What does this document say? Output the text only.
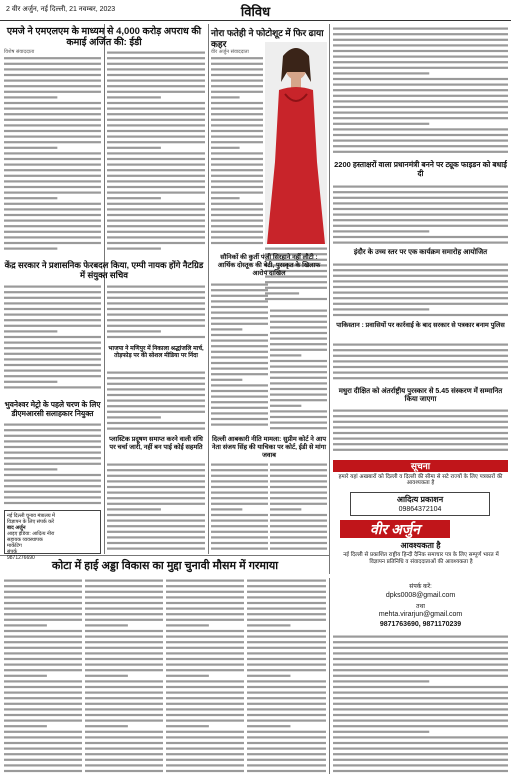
2 वीर अर्जुन, नई दिल्ली, 21 नवम्बर, 2023	विविध
एमजे ने एमएलएम के माध्यम से 4,000 करोड़ अपराध की कमाई अर्जित की: ईडी
विशेष संवाददाता
नोरा फतेही ने फोटोशूट में फिर ढाया कहर
वीर अर्जुन संवाददाता
सौनिकों की कुर्ती पंजी सिरहाने नहीं लौटी : आर्थिक दोस्तूक की बेटी, पुरस्कृत के खिलाफ आरोप दाखिल
केंद्र सरकार ने प्रशासनिक फेरबदल किया, एम्पी नायक होंगे नैटग्रिड में संयुक्त सचिव
भाजपा ने मणिपुर में निकाला श्रद्धांजलि मार्च, तोड़फोड़ पर की सोशल मीडिया पर निंदा
भुवनेश्वर मेट्रो के पहले चरण के लिए डीएमआरसी सलाहकार नियुक्त
प्लास्टिक प्रदूषण समाप्त करने वाली संधि पर चर्चा जारी, नहीं बन पाई कोई सहमति
दिल्ली आबकारी नीति मामला: सुप्रीम कोर्ट ने आप नेता संजय सिंह की याचिका पर कोर्ट, ईडी से मांगा जवाब
नई दिल्ली चुनाव मंत्रालय में
विज्ञापन के लिए संपर्क करें
बाद अर्जुन
आइए इंडिया: आदित्य नीरा
सहायक व्यवस्थापक
मार्केटिंग
संपर्क
9871276690
2200 हस्ताक्षरों वाला प्रधानमंत्री बनने पर ट्यूक फाइडन को बधाई दी
इंदौर के उच्च स्तर पर एक कार्यक्रम समारोह आयोजित
पाकिस्तान : प्रवासियों पर कार्रवाई के बाद सरकार से पत्रकार बनाम पुलिस
मधुरा दीक्षित को अंतर्राष्ट्रीय पुरस्कार से 5.45 संस्करण में सम्मानित किया जाएगा
सूचना
हमारे यहां अखबारों को दिल्ली व दिल्ली की सीमा से सटे राज्यों के लिए पत्रकारों की आवश्यकता है
आदित्य प्रकाशन
09864372104
वीर अर्जुन
आवश्यकता है
नई दिल्ली से प्रकाशित राष्ट्रीय हिन्दी दैनिक समाचार पत्र के लिए सम्पूर्ण भारत में विज्ञापन प्रतिनिधि व संवाददाताओं की आवश्यकता है
संपर्क करें:
dpks0008@gmail.com
तथा
mehta.virarjun@gmail.com
9871763690, 9871170239
कोटा में हाई अड्डा विकास का मुद्दा चुनावी मौसम में गरमाया
